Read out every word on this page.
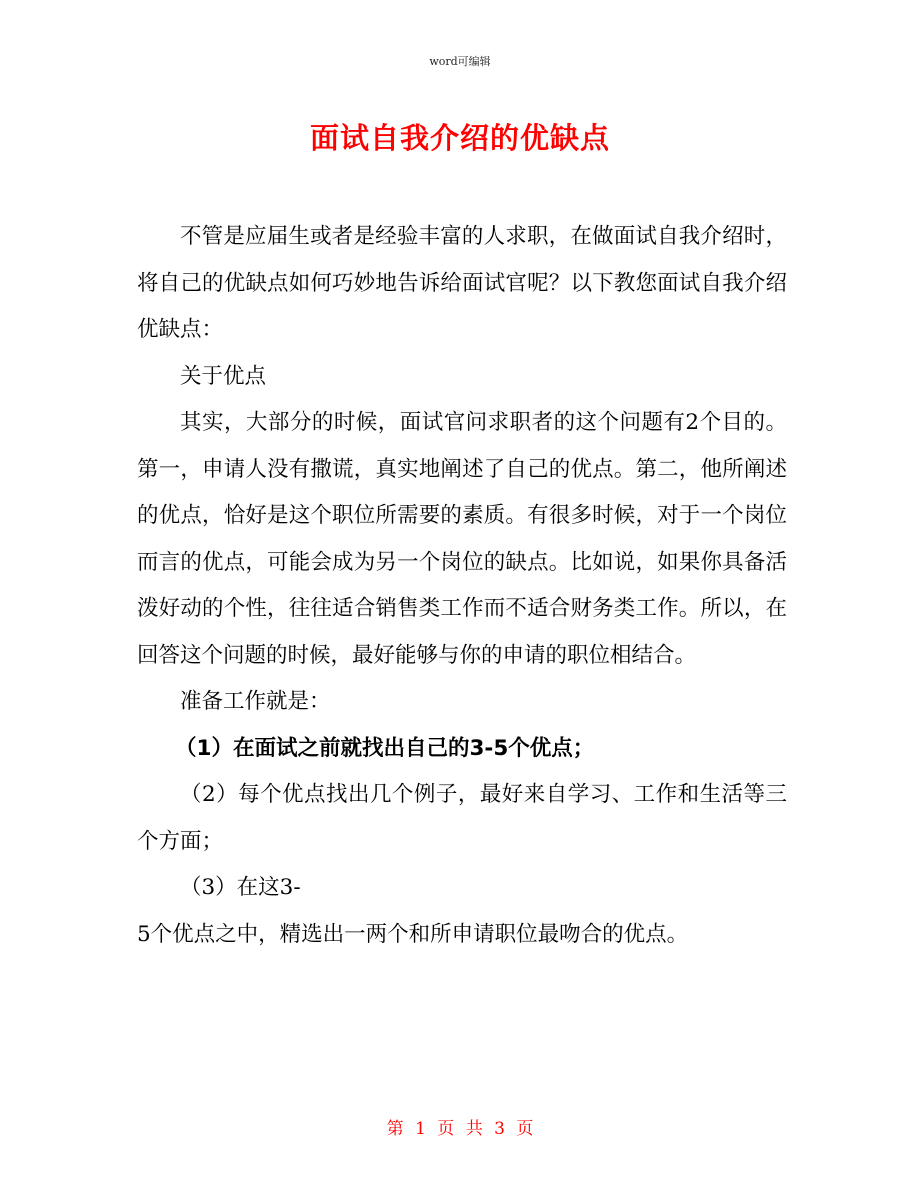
word可编辑
面试自我介绍的优缺点

不管是应届生或者是经验丰富的人求职，在做面试自我介绍时，将自己的优缺点如何巧妙地告诉给面试官呢？以下教您面试自我介绍优缺点：

关于优点

其实，大部分的时候，面试官问求职者的这个问题有2个目的。第一，申请人没有撒谎，真实地阐述了自己的优点。第二，他所阐述的优点，恰好是这个职位所需要的素质。有很多时候，对于一个岗位而言的优点，可能会成为另一个岗位的缺点。比如说，如果你具备活泼好动的个性，往往适合销售类工作而不适合财务类工作。所以，在回答这个问题的时候，最好能够与你的申请的职位相结合。

准备工作就是：

（1）在面试之前就找出自己的3-5个优点；

（2）每个优点找出几个例子，最好来自学习、工作和生活等三个方面；

（3）在这3-

5个优点之中，精选出一两个和所申请职位最吻合的优点。

第 1 页 共 3 页
